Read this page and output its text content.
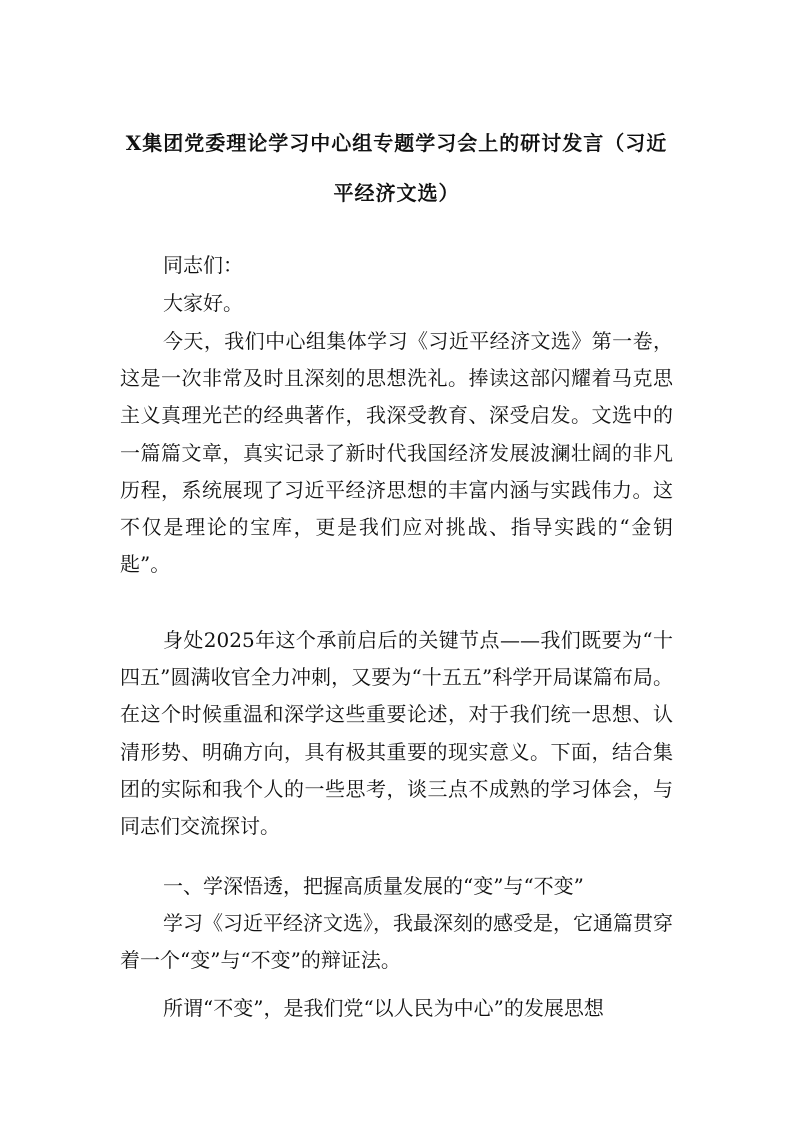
X集团党委理论学习中心组专题学习会上的研讨发言（习近
平经济文选）

同志们：

大家好。

今天，我们中心组集体学习《习近平经济文选》第一卷，这是一次非常及时且深刻的思想洗礼。捧读这部闪耀着马克思主义真理光芒的经典著作，我深受教育、深受启发。文选中的一篇篇文章，真实记录了新时代我国经济发展波澜壮阔的非凡历程，系统展现了习近平经济思想的丰富内涵与实践伟力。这不仅是理论的宝库，更是我们应对挑战、指导实践的“金钥匙”。

身处2025年这个承前启后的关键节点——我们既要为“十四五”圆满收官全力冲刺，又要为“十五五”科学开局谋篇布局。在这个时候重温和深学这些重要论述，对于我们统一思想、认清形势、明确方向，具有极其重要的现实意义。下面，结合集团的实际和我个人的一些思考，谈三点不成熟的学习体会，与同志们交流探讨。

一、学深悟透，把握高质量发展的“变”与“不变”

学习《习近平经济文选》，我最深刻的感受是，它通篇贯穿着一个“变”与“不变”的辩证法。

所谓“不变”，是我们党“以人民为中心”的发展思想
